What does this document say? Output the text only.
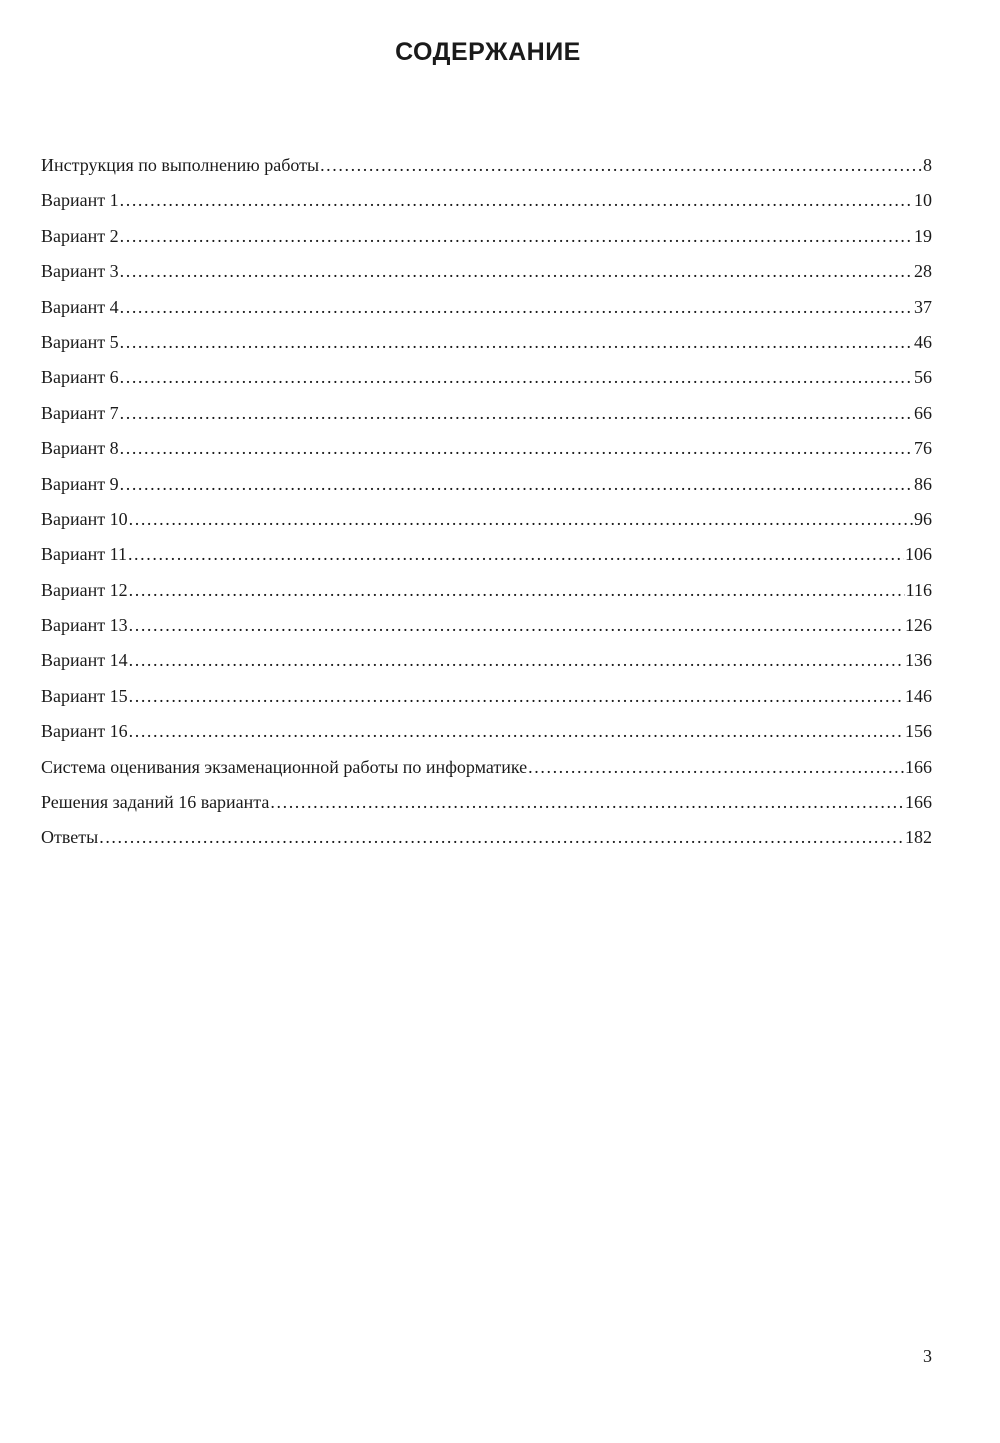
СОДЕРЖАНИЕ
Инструкция по выполнению работы .....	8
Вариант 1 .....	10
Вариант 2 .....	19
Вариант 3 .....	28
Вариант 4 .....	37
Вариант 5 .....	46
Вариант 6 .....	56
Вариант 7 .....	66
Вариант 8 .....	76
Вариант 9 .....	86
Вариант 10 .....	96
Вариант 11 .....	106
Вариант 12 .....	116
Вариант 13 .....	126
Вариант 14 .....	136
Вариант 15 .....	146
Вариант 16 .....	156
Система оценивания экзаменационной работы по информатике .....	166
Решения заданий 16 варианта .....	166
Ответы .....	182

3
